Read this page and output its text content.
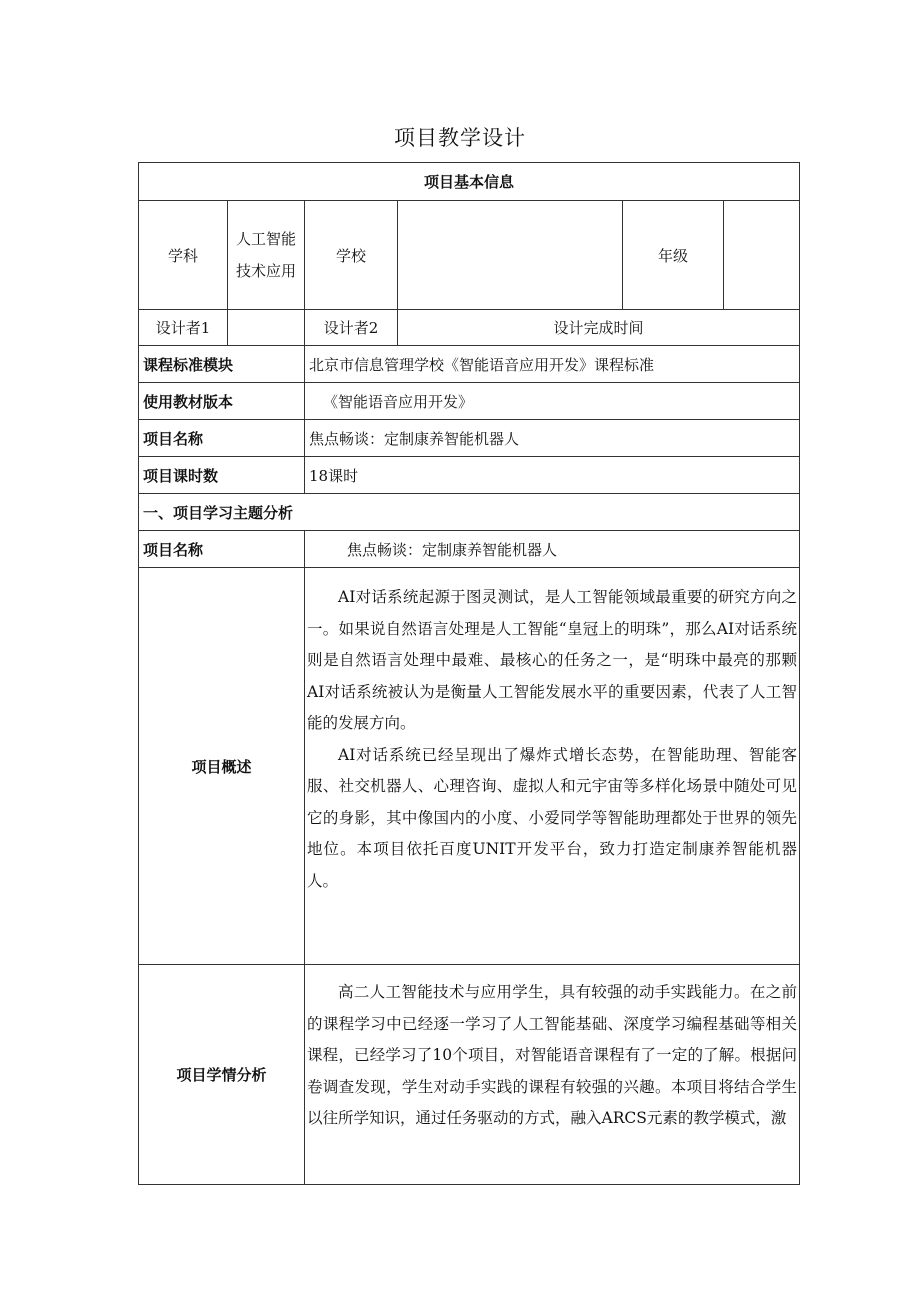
项目教学设计
项目基本信息					
学科	人工智能技术应用	学校		年级	
设计者1		设计者2	设计完成时间		
课程标准模块		北京市信息管理学校《智能语音应用开发》课程标准			
使用教材版本		《智能语音应用开发》			
项目名称		焦点畅谈：定制康养智能机器人			
项目课时数		18课时			
一、项目学习主题分析					
项目名称		焦点畅谈：定制康养智能机器人			
项目概述		AI对话系统起源于图灵测试，是人工智能领域最重要的研究方向之一。如果说自然语言处理是人工智能“皇冠上的明珠”，那么AI对话系统则是自然语言处理中最难、最核心的任务之一，是“明珠中最亮的那颗AI对话系统被认为是衡量人工智能发展水平的重要因素，代表了人工智能的发展方向。
AI对话系统已经呈现出了爆炸式增长态势，在智能助理、智能客服、社交机器人、心理咨询、虚拟人和元宇宙等多样化场景中随处可见它的身影，其中像国内的小度、小爱同学等智能助理都处于世界的领先地位。本项目依托百度UNIT开发平台，致力打造定制康养智能机器人。			

项目学情分析		高二人工智能技术与应用学生，具有较强的动手实践能力。在之前的课程学习中已经逐一学习了人工智能基础、深度学习编程基础等相关课程，已经学习了10个项目，对智能语音课程有了一定的了解。根据问卷调查发现，学生对动手实践的课程有较强的兴趣。本项目将结合学生以往所学知识，通过任务驱动的方式，融入ARCS元素的教学模式，激			
